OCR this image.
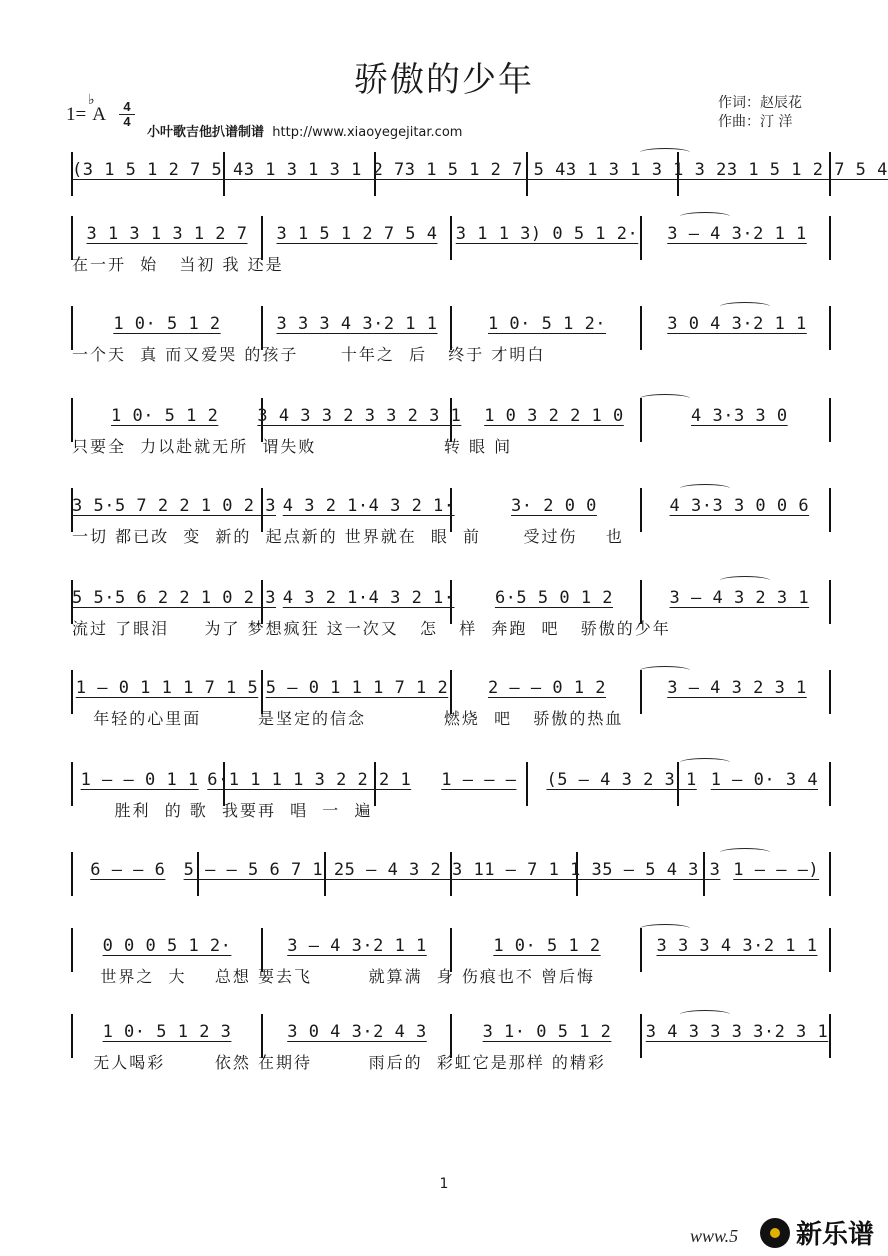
骄傲的少年
1=
♭
A	4
4
小叶歌吉他扒谱制谱 http://www.xiaoyegejitar.com
作词：赵辰花
作曲：汀 洋
(3 1 5 1 2 7 5 4 3 1 3 1 3 1 2 7 3 1 5 1 2 7 5 4 3 1 3 1 3 1 3 2 3 1 5 1 2 7 5 4
3 1 3 1 3 1 2 7	3 1 5 1 2 7 5 4	3 1 1 3) 0 5 1 2·	3 – 4 3·2 1 1
在一开  始   当初 我 还是
1 0· 5 1 2	3 3 3 4 3·2 1 1	1 0· 5 1 2·	3 0 4 3·2 1 1
一个天  真 而又爱哭 的孩子      十年之  后   终于 才明白
1 0· 5 1 2	3 4 3 3 2 3 3 2 3 1	1 0 3 2 2 1 0	4 3·3 3 0
只要全  力以赴就无所  谓失败                  转 眼 间
3 5·5 7 2 2 1 0 2 3 4 3 2 1·4 3 2 1·	3· 2 0 0	4 3·3 3 0 0 6
一切 都已改  变  新的  起点新的 世界就在  眼  前      受过伤    也
5 5·5 6 2 2 1 0 2 3 4 3 2 1·4 3 2 1·	6·5 5 0 1 2	3 – 4 3 2 3 1
流过 了眼泪     为了 梦想疯狂 这一次又   怎   样  奔跑  吧   骄傲的少年
1 – 0 1 1 1 7 1 5 5 – 0 1 1 1 7 1 2	2 – – 0 1 2	3 – 4 3 2 3 1
年轻的心里面        是坚定的信念           燃烧  吧   骄傲的热血
1 – – 0 1 1 6·1 1 1 1 3 2 2 2 1	1 – – –	(5 – 4 3 2 3 1 1 – 0· 3 4
胜利  的 歌  我要再  唱  一  遍
6 – – 6	5 – – 5 6 7 1 2 5 – 4 3 2 3 1 1 – 7 1 1 3 5 – 5 4 3 3 1 – – –)
0 0 0 5 1 2·	3 – 4 3·2 1 1	1 0· 5 1 2	3 3 3 4 3·2 1 1
世界之  大    总想 要去飞        就算满  身 伤痕也不 曾后悔
1 0· 5 1 2 3	3 0 4 3·2 4 3	3 1· 0 5 1 2	3 4 3 3 3 3·2 3 1
无人喝彩       依然 在期待        雨后的  彩虹它是那样 的精彩
1
www.5 新乐谱
